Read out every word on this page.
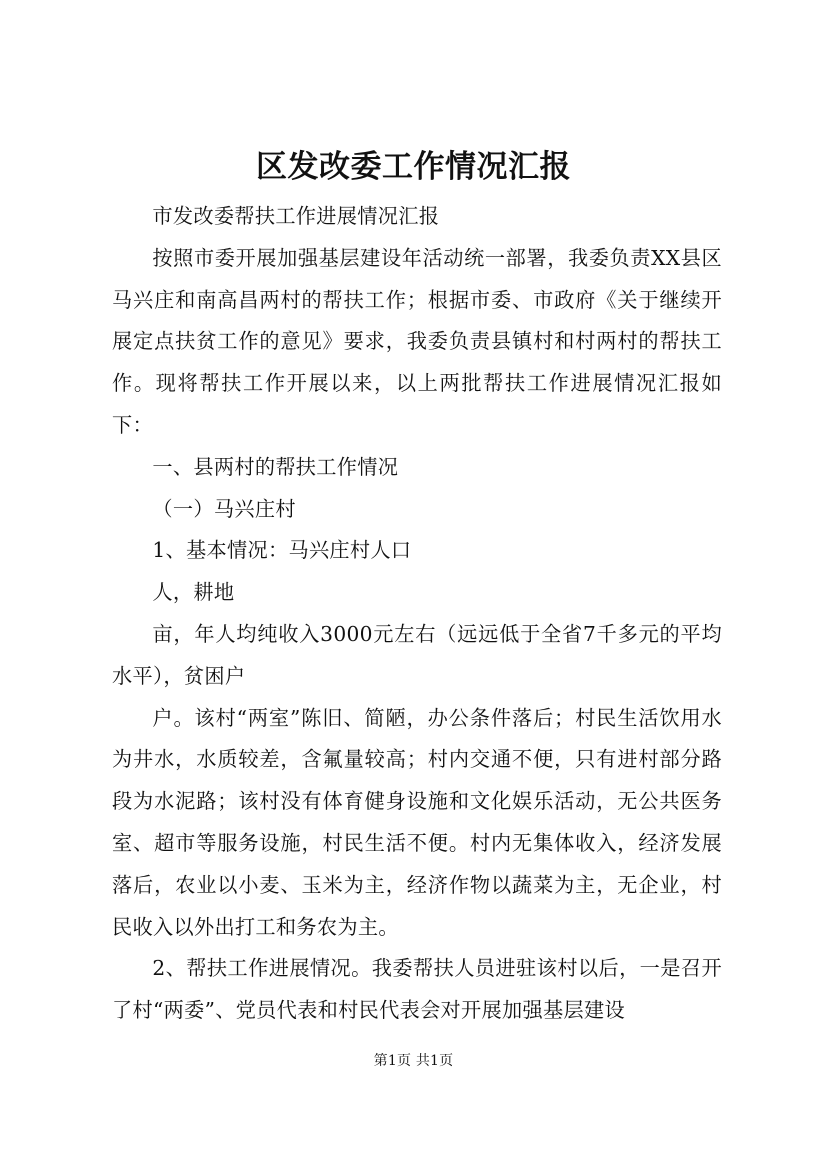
区发改委工作情况汇报

市发改委帮扶工作进展情况汇报

按照市委开展加强基层建设年活动统一部署，我委负责XX县区马兴庄和南高昌两村的帮扶工作；根据市委、市政府《关于继续开展定点扶贫工作的意见》要求，我委负责县镇村和村两村的帮扶工作。现将帮扶工作开展以来，以上两批帮扶工作进展情况汇报如下：

一、县两村的帮扶工作情况

（一）马兴庄村

1、基本情况：马兴庄村人口

人，耕地

亩，年人均纯收入3000元左右（远远低于全省7千多元的平均水平），贫困户

户。该村“两室”陈旧、简陋，办公条件落后；村民生活饮用水为井水，水质较差，含氟量较高；村内交通不便，只有进村部分路段为水泥路；该村没有体育健身设施和文化娱乐活动，无公共医务室、超市等服务设施，村民生活不便。村内无集体收入，经济发展落后，农业以小麦、玉米为主，经济作物以蔬菜为主，无企业，村民收入以外出打工和务农为主。

2、帮扶工作进展情况。我委帮扶人员进驻该村以后，一是召开了村“两委”、党员代表和村民代表会对开展加强基层建设

第1页 共1页
